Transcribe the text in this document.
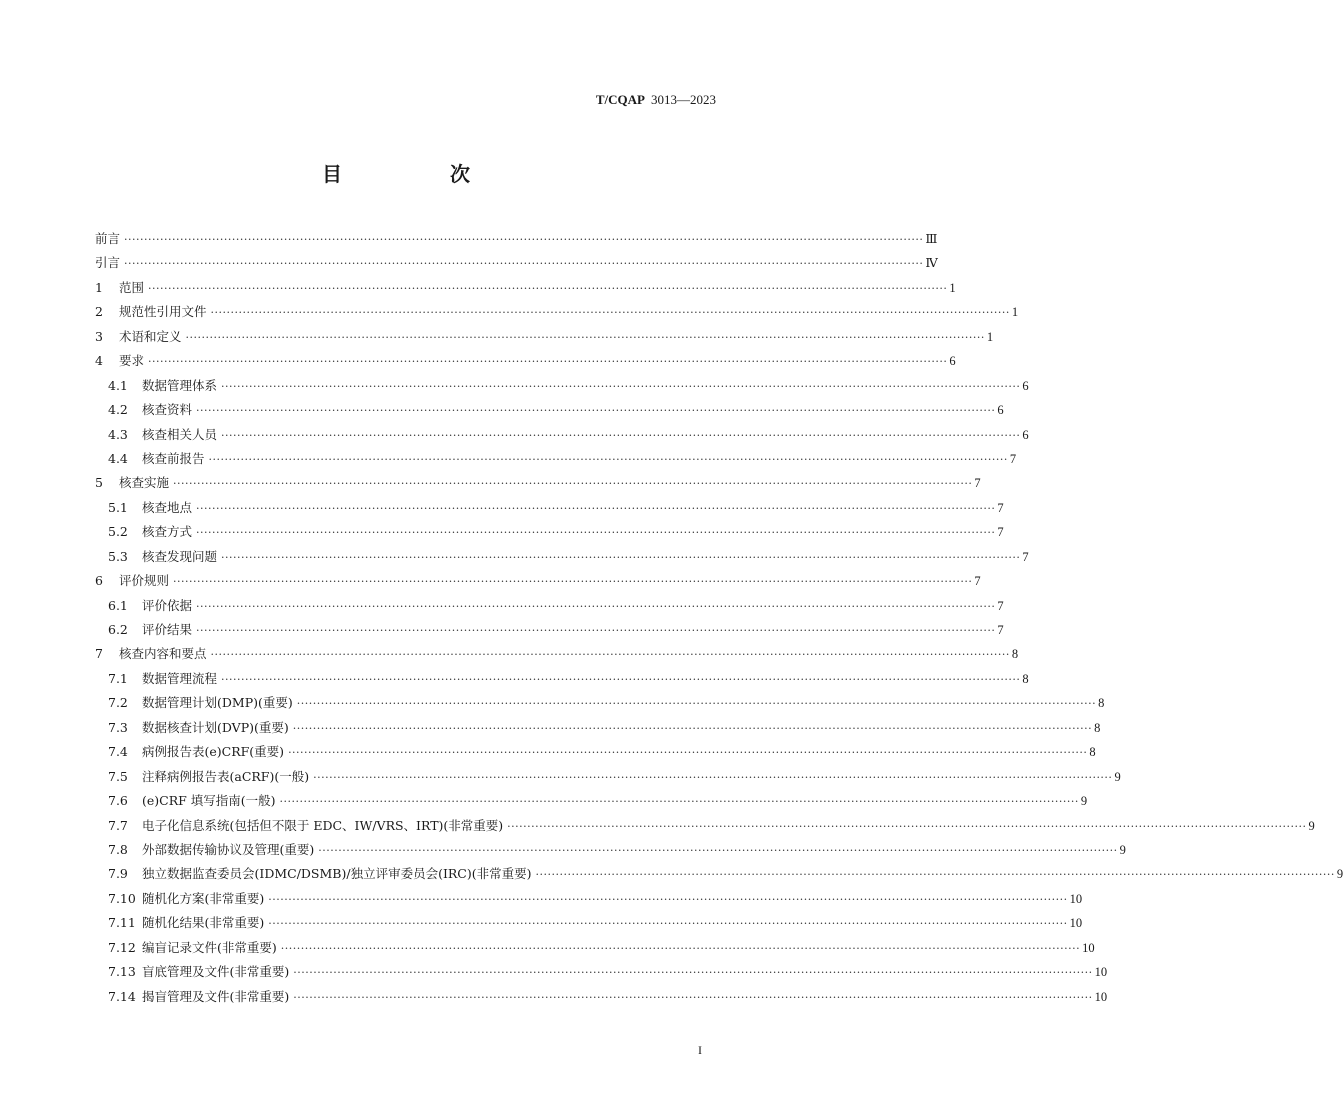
T/CQAP 3013—2023
目　次
前言 ········································································································································································································ Ⅲ
引言 ········································································································································································································ Ⅳ
1	范围 ········································································································································································································ 1
2	规范性引用文件 ········································································································································································································ 1
3	术语和定义 ········································································································································································································ 1
4	要求 ········································································································································································································ 6
4.1	数据管理体系 ········································································································································································································ 6
4.2	核查资料 ········································································································································································································ 6
4.3	核查相关人员 ········································································································································································································ 6
4.4	核查前报告 ········································································································································································································ 7
5	核查实施 ········································································································································································································ 7
5.1	核查地点 ········································································································································································································ 7
5.2	核查方式 ········································································································································································································ 7
5.3	核查发现问题 ········································································································································································································ 7
6	评价规则 ········································································································································································································ 7
6.1	评价依据 ········································································································································································································ 7
6.2	评价结果 ········································································································································································································ 7
7	核查内容和要点 ········································································································································································································ 8
7.1	数据管理流程 ········································································································································································································ 8
7.2	数据管理计划(DMP)(重要) ········································································································································································································ 8
7.3	数据核查计划(DVP)(重要) ········································································································································································································ 8
7.4	病例报告表(e)CRF(重要) ········································································································································································································ 8
7.5	注释病例报告表(aCRF)(一般) ········································································································································································································ 9
7.6	(e)CRF 填写指南(一般) ········································································································································································································ 9
7.7	电子化信息系统(包括但不限于 EDC、IW/VRS、IRT)(非常重要) ········································································································································································································ 9
7.8	外部数据传输协议及管理(重要) ········································································································································································································ 9
7.9	独立数据监查委员会(IDMC/DSMB)/独立评审委员会(IRC)(非常重要) ········································································································································································································ 9
7.10 随机化方案(非常重要) ········································································································································································································ 10
7.11 随机化结果(非常重要) ········································································································································································································ 10
7.12 编盲记录文件(非常重要) ········································································································································································································ 10
7.13 盲底管理及文件(非常重要) ········································································································································································································ 10
7.14 揭盲管理及文件(非常重要) ········································································································································································································ 10
I
